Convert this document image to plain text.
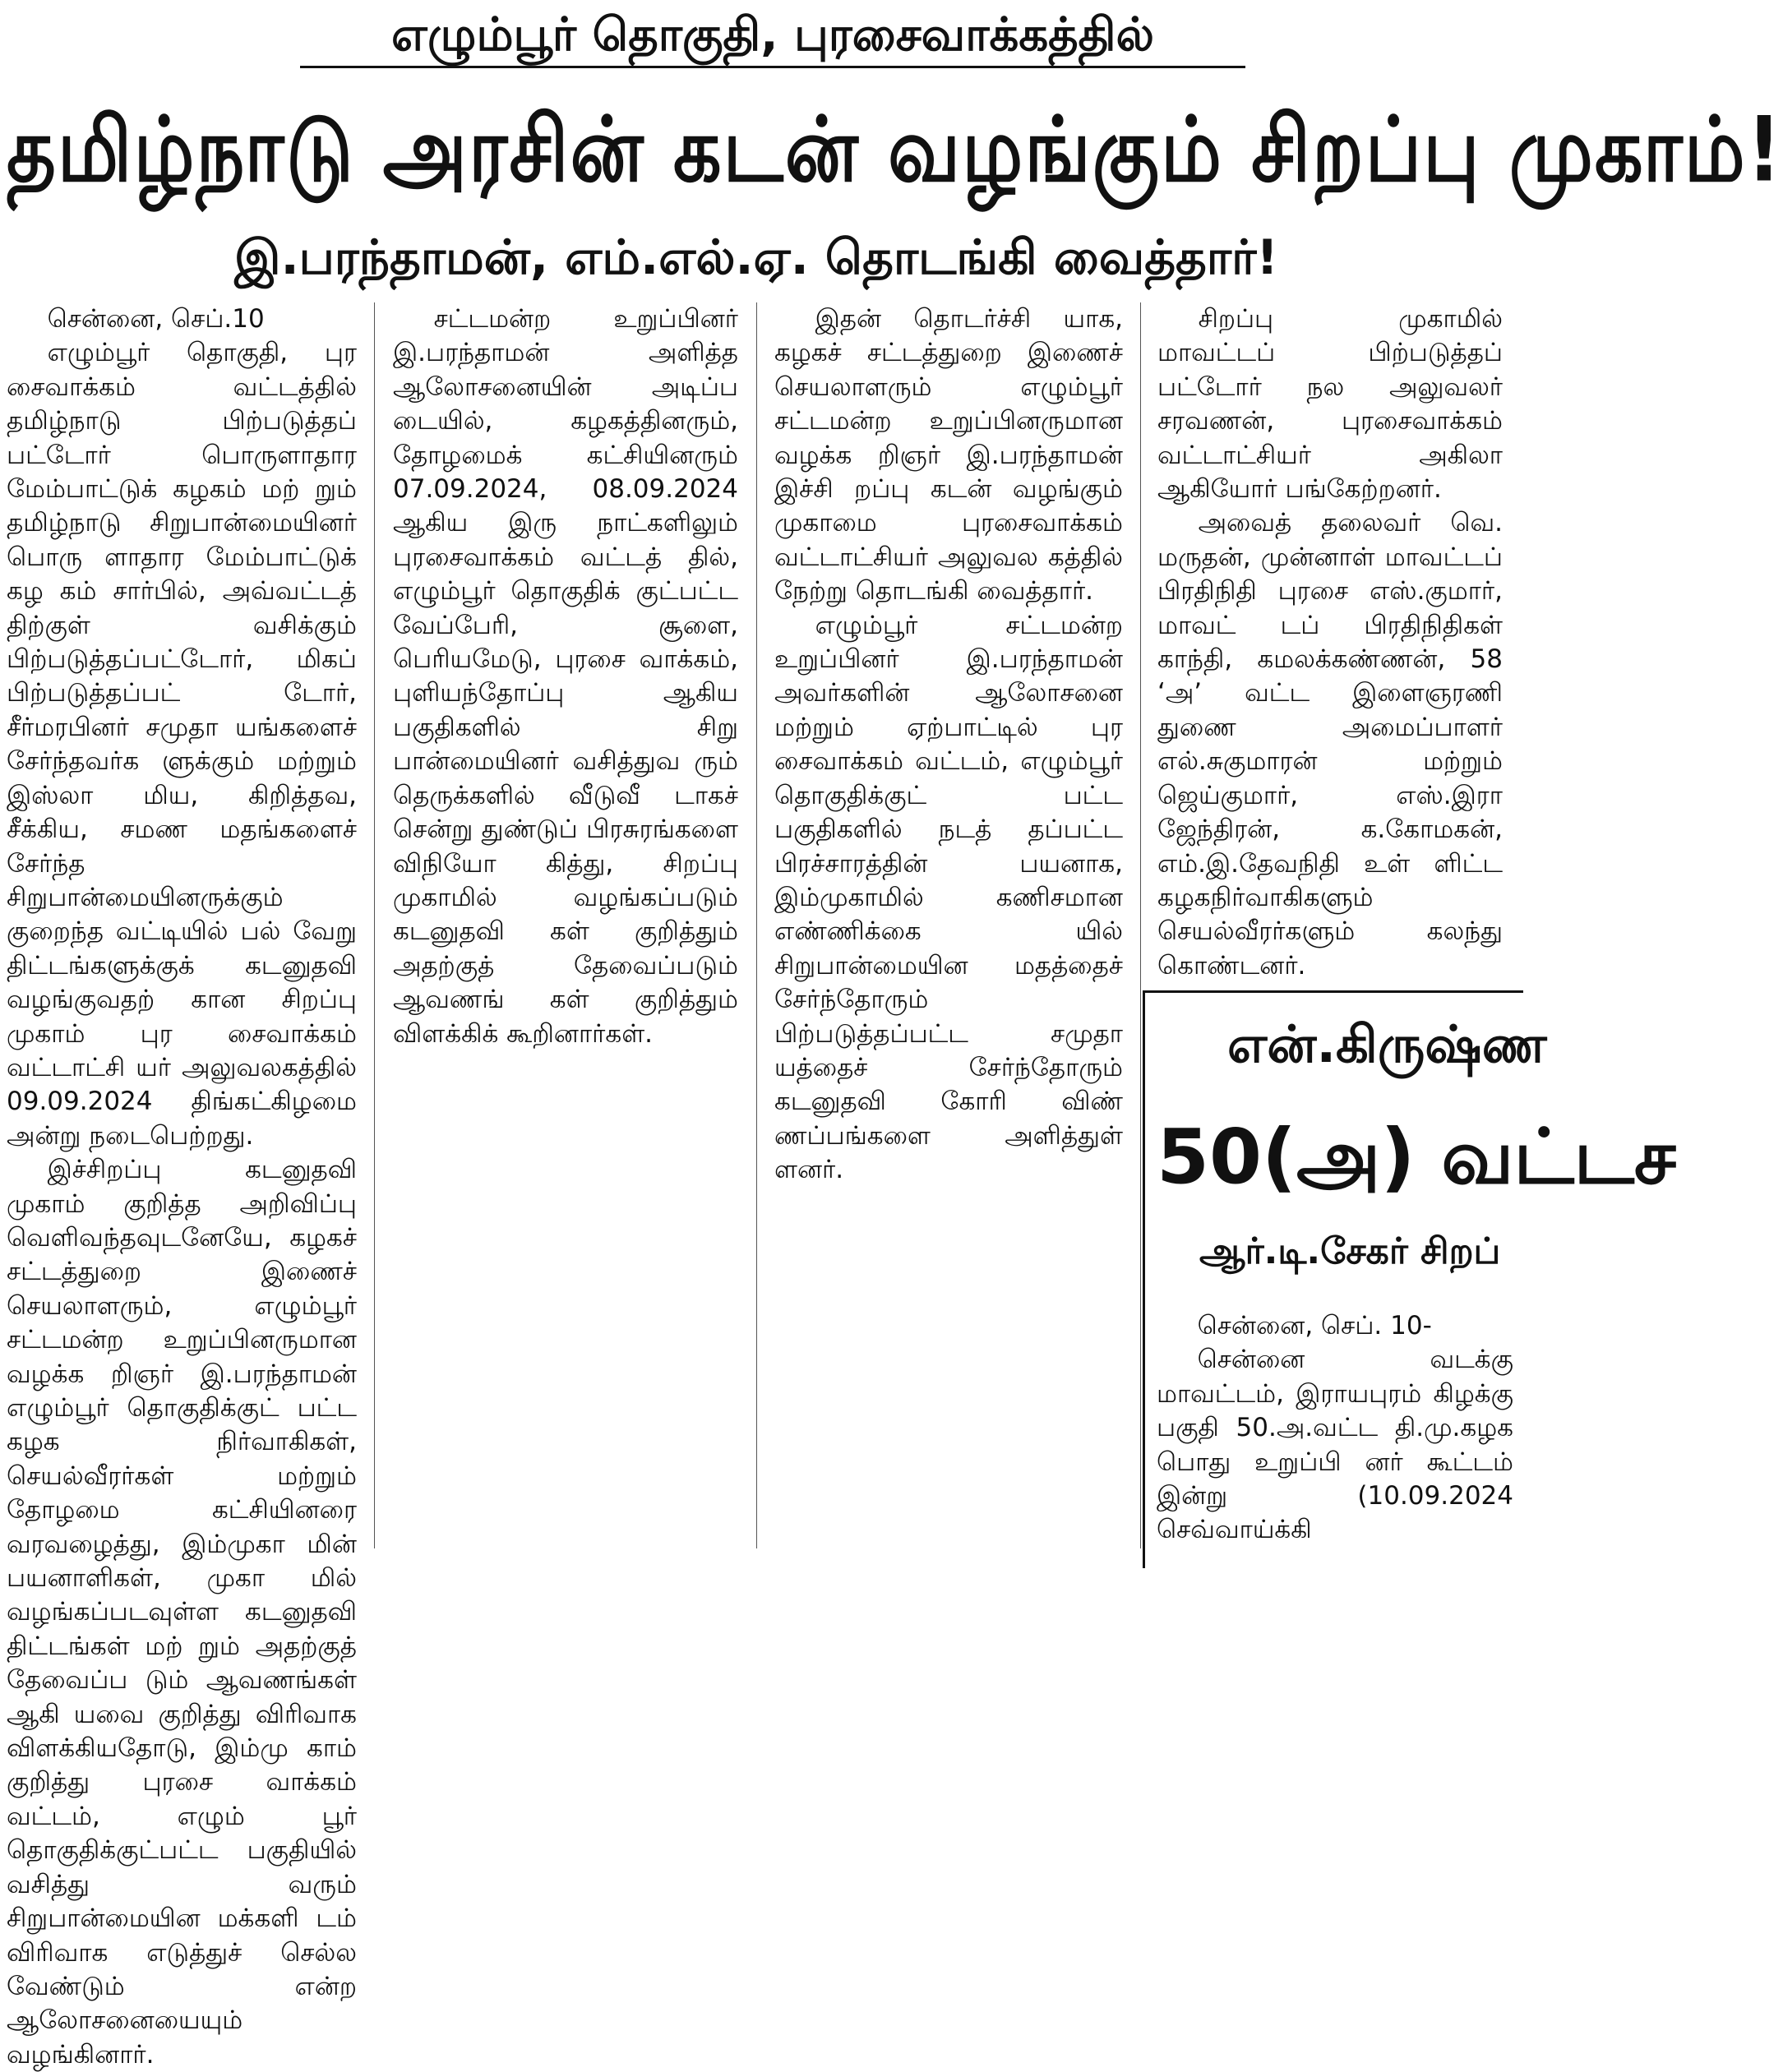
எழும்பூர் தொகுதி, புரசைவாக்கத்தில்
தமிழ்நாடு அரசின் கடன் வழங்கும் சிறப்பு முகாம்!
இ.பரந்தாமன், எம்.எல்.ஏ. தொடங்கி வைத்தார்!

சென்னை, செப்.10

எழும்பூர் தொகுதி, புர சைவாக்கம் வட்டத்தில் தமிழ்நாடு பிற்படுத்தப் பட்டோர் பொருளாதார மேம்பாட்டுக் கழகம் மற் றும் தமிழ்நாடு சிறுபான்மையினர் பொரு ளாதார மேம்பாட்டுக் கழ கம் சார்பில், அவ்வட்டத் திற்குள் வசிக்கும் பிற்படுத்தப்பட்டோர், மிகப் பிற்படுத்தப்பட் டோர், சீர்மரபினர் சமுதா யங்களைச் சேர்ந்தவர்க ளுக்கும் மற்றும் இஸ்லா மிய, கிறித்தவ, சீக்கிய, சமண மதங்களைச் சேர்ந்த சிறுபான்மையினருக்கும் குறைந்த வட்டியில் பல் வேறு திட்டங்களுக்குக் கடனுதவி வழங்குவதற் கான சிறப்பு முகாம் புர சைவாக்கம் வட்டாட்சி யர் அலுவலகத்தில் 09.09.2024 திங்கட்கிழமை அன்று நடைபெற்றது.

இச்சிறப்பு கடனுதவி முகாம் குறித்த அறிவிப்பு வெளிவந்தவுடனேயே, கழகச் சட்டத்துறை இணைச் செயலாளரும், எழும்பூர் சட்டமன்ற உறுப்பினருமான வழக்க றிஞர் இ.பரந்தாமன் எழும்பூர் தொகுதிக்குட் பட்ட கழக நிர்வாகிகள், செயல்வீரர்கள் மற்றும் தோழமை கட்சியினரை வரவழைத்து, இம்முகா மின் பயனாளிகள், முகா மில் வழங்கப்படவுள்ள கடனுதவி திட்டங்கள் மற் றும் அதற்குத் தேவைப்ப டும் ஆவணங்கள் ஆகி யவை குறித்து விரிவாக விளக்கியதோடு, இம்மு காம் குறித்து புரசை வாக்கம் வட்டம், எழும் பூர் தொகுதிக்குட்பட்ட பகுதியில் வசித்து வரும் சிறுபான்மையின மக்களி டம் விரிவாக எடுத்துச் செல்ல வேண்டும் என்ற ஆலோசனையையும் வழங்கினார்.

சட்டமன்ற உறுப்பினர் இ.பரந்தாமன் அளித்த ஆலோசனையின் அடிப்ப டையில், கழகத்தினரும், தோழமைக் கட்சியினரும் 07.09.2024, 08.09.2024 ஆகிய இரு நாட்களிலும் புரசைவாக்கம் வட்டத் தில், எழும்பூர் தொகுதிக் குட்பட்ட வேப்பேரி, சூளை, பெரியமேடு, புரசை வாக்கம், புளியந்தோப்பு ஆகிய பகுதிகளில் சிறு பான்மையினர் வசித்துவ ரும் தெருக்களில் வீடுவீ டாகச் சென்று துண்டுப் பிரசுரங்களை விநியோ கித்து, சிறப்பு முகாமில் வழங்கப்படும் கடனுதவி கள் குறித்தும் அதற்குத் தேவைப்படும் ஆவணங் கள் குறித்தும் விளக்கிக் கூறினார்கள்.

இதன் தொடர்ச்சி யாக, கழகச் சட்டத்துறை இணைச் செயலாளரும் எழும்பூர் சட்டமன்ற உறுப்பினருமான வழக்க றிஞர் இ.பரந்தாமன் இச்சி றப்பு கடன் வழங்கும் முகாமை புரசைவாக்கம் வட்டாட்சியர் அலுவல கத்தில் நேற்று தொடங்கி வைத்தார்.

எழும்பூர் சட்டமன்ற உறுப்பினர் இ.பரந்தாமன் அவர்களின் ஆலோசனை மற்றும் ஏற்பாட்டில் புர சைவாக்கம் வட்டம், எழும்பூர் தொகுதிக்குட் பட்ட பகுதிகளில் நடத் தப்பட்ட பிரச்சாரத்தின் பயனாக, இம்முகாமில் கணிசமான எண்ணிக்கை யில் சிறுபான்மையின மதத்தைச் சேர்ந்தோரும் பிற்படுத்தப்பட்ட சமுதா யத்தைச் சேர்ந்தோரும் கடனுதவி கோரி விண் ணப்பங்களை அளித்துள் ளனர்.

சிறப்பு முகாமில் மாவட்டப் பிற்படுத்தப் பட்டோர் நல அலுவலர் சரவணன், புரசைவாக்கம் வட்டாட்சியர் அகிலா ஆகியோர் பங்கேற்றனர்.

அவைத் தலைவர் வெ. மருதன், முன்னாள் மாவட்டப் பிரதிநிதி புரசை எஸ்.குமார், மாவட் டப் பிரதிநிதிகள் காந்தி, கமலக்கண்ணன், 58 ‘அ’ வட்ட இளைஞரணி துணை அமைப்பாளர் எல்.சுகுமாரன் மற்றும் ஜெய்குமார், எஸ்.இரா ஜேந்திரன், க.கோமகன், எம்.இ.தேவநிதி உள் ளிட்ட கழகநிர்வாகிகளும் செயல்வீரர்களும் கலந்து கொண்டனர்.

என்.கிருஷ்ண
50(அ) வட்டச
ஆர்.டி.சேகர் சிறப்

சென்னை, செப். 10-

சென்னை வடக்கு மாவட்டம், இராயபுரம் கிழக்கு பகுதி 50.அ.வட்ட தி.மு.கழக பொது உறுப்பி னர் கூட்டம் இன்று (10.09.2024 செவ்வாய்க்கி
